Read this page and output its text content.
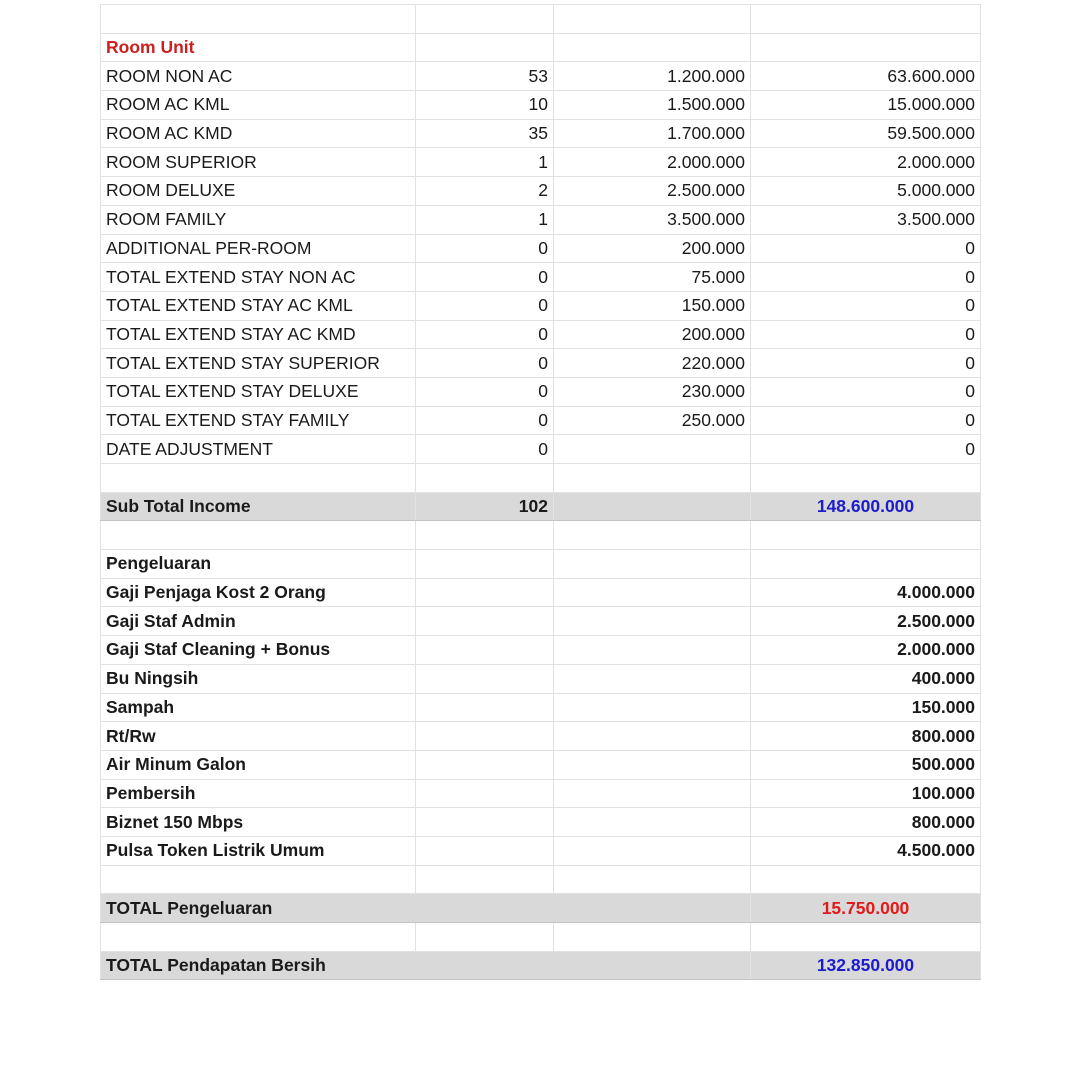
Room Unit			
ROOM NON AC	53	1.200.000	63.600.000
ROOM AC KML	10	1.500.000	15.000.000
ROOM AC KMD	35	1.700.000	59.500.000
ROOM SUPERIOR	1	2.000.000	2.000.000
ROOM DELUXE	2	2.500.000	5.000.000
ROOM FAMILY	1	3.500.000	3.500.000
ADDITIONAL PER-ROOM	0	200.000	0
TOTAL EXTEND STAY NON AC	0	75.000	0
TOTAL EXTEND STAY AC KML	0	150.000	0
TOTAL EXTEND STAY AC KMD	0	200.000	0
TOTAL EXTEND STAY SUPERIOR	0	220.000	0
TOTAL EXTEND STAY DELUXE	0	230.000	0
TOTAL EXTEND STAY FAMILY	0	250.000	0
DATE ADJUSTMENT	0		0

Sub Total Income	102		148.600.000

Pengeluaran			
Gaji Penjaga Kost 2 Orang			4.000.000
Gaji Staf Admin			2.500.000
Gaji Staf Cleaning + Bonus			2.000.000
Bu Ningsih			400.000
Sampah			150.000
Rt/Rw			800.000
Air Minum Galon			500.000
Pembersih			100.000
Biznet 150 Mbps			800.000
Pulsa Token Listrik Umum			4.500.000

TOTAL Pengeluaran			15.750.000

TOTAL Pendapatan Bersih			132.850.000
